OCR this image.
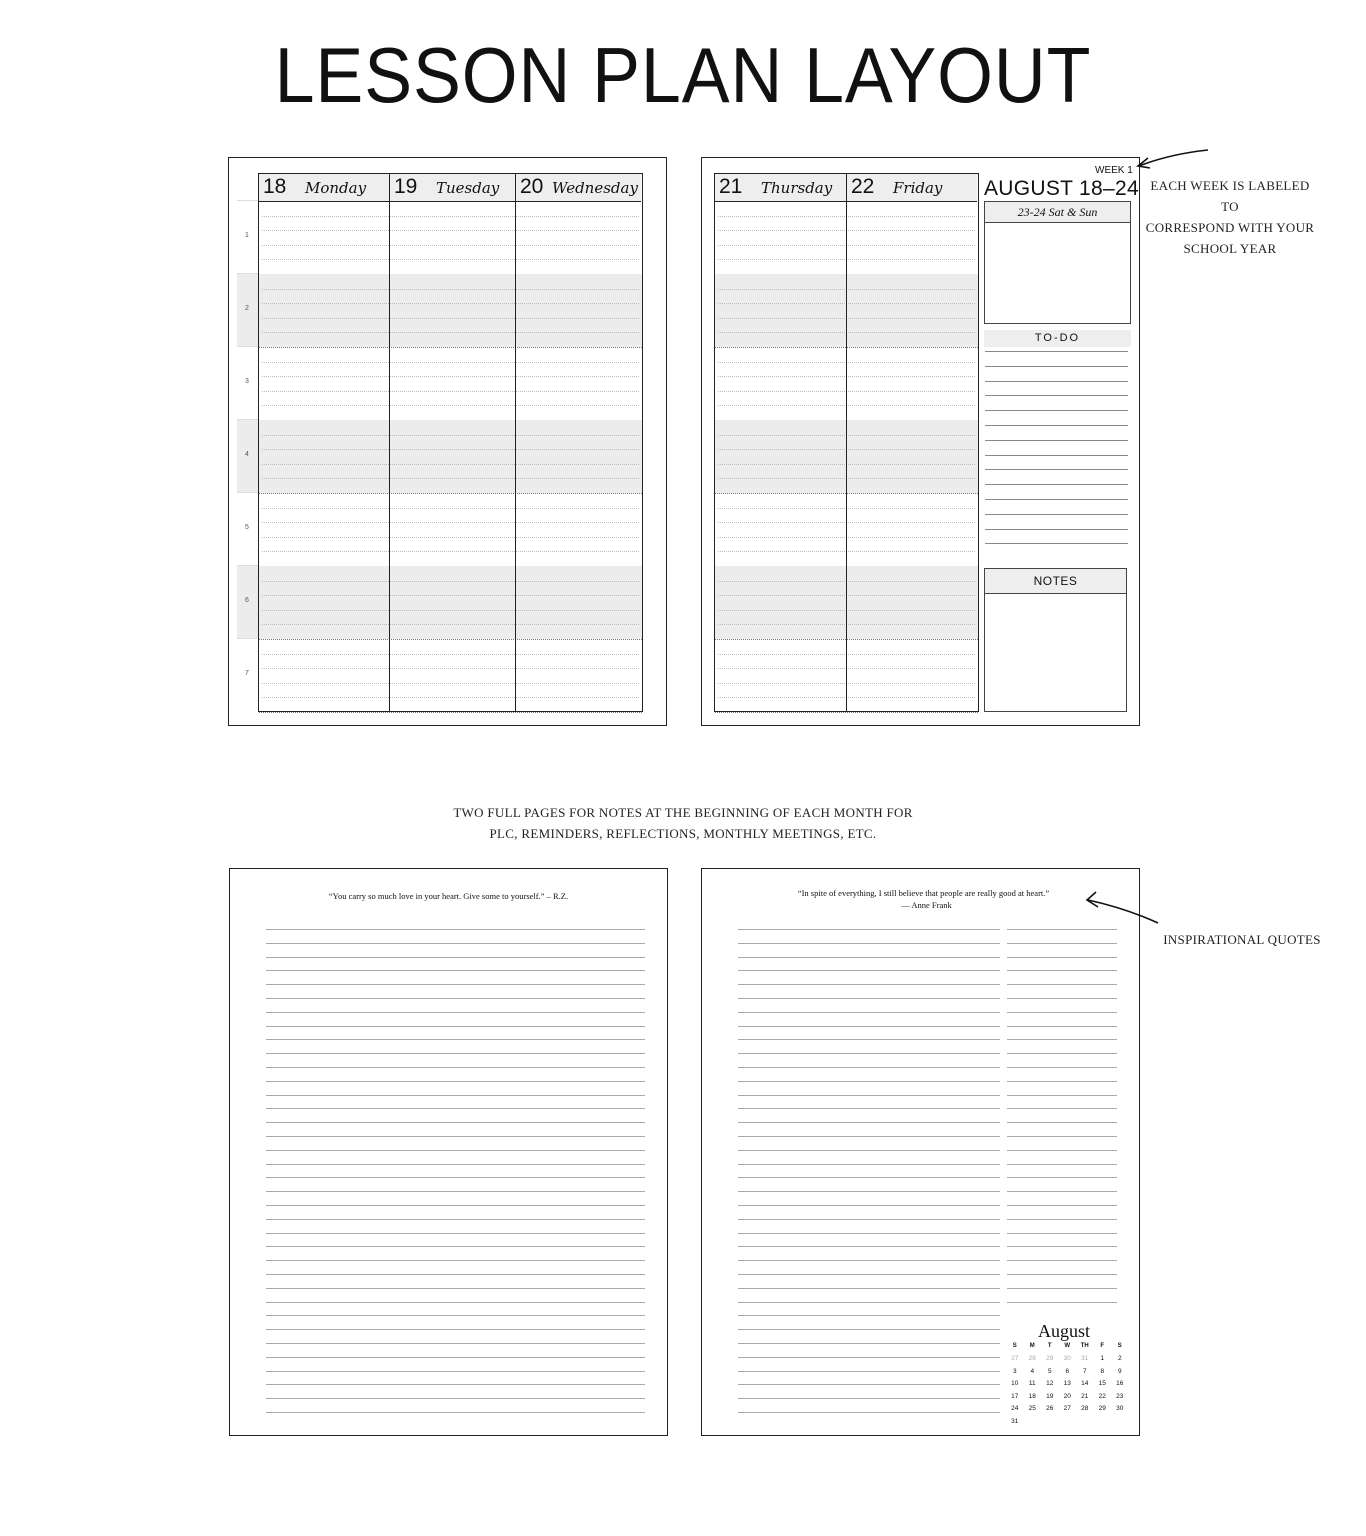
LESSON PLAN LAYOUT
18 Monday 19 Tuesday 20 Wednesday
1
2
3
4
5
6
7
21 Thursday 22 Friday
WEEK 1
AUGUST 18–24
23-24 Sat & Sun
TO-DO
NOTES
EACH WEEK IS LABELED TO
CORRESPOND WITH YOUR
SCHOOL YEAR
TWO FULL PAGES FOR NOTES AT THE BEGINNING OF EACH MONTH FOR
PLC, REMINDERS, REFLECTIONS, MONTHLY MEETINGS, ETC.
“You carry so much love in your heart. Give some to yourself.” – R.Z.	“In spite of everything, I still believe that people are really good at heart.”
— Anne Frank
August
S	M	T	W	TH	F	S
27	28	29	30	31	1	2
3	4	5	6	7	8	9
10	11	12	13	14	15	16
17	18	19	20	21	22	23
24	25	26	27	28	29	30
31						
INSPIRATIONAL QUOTES
